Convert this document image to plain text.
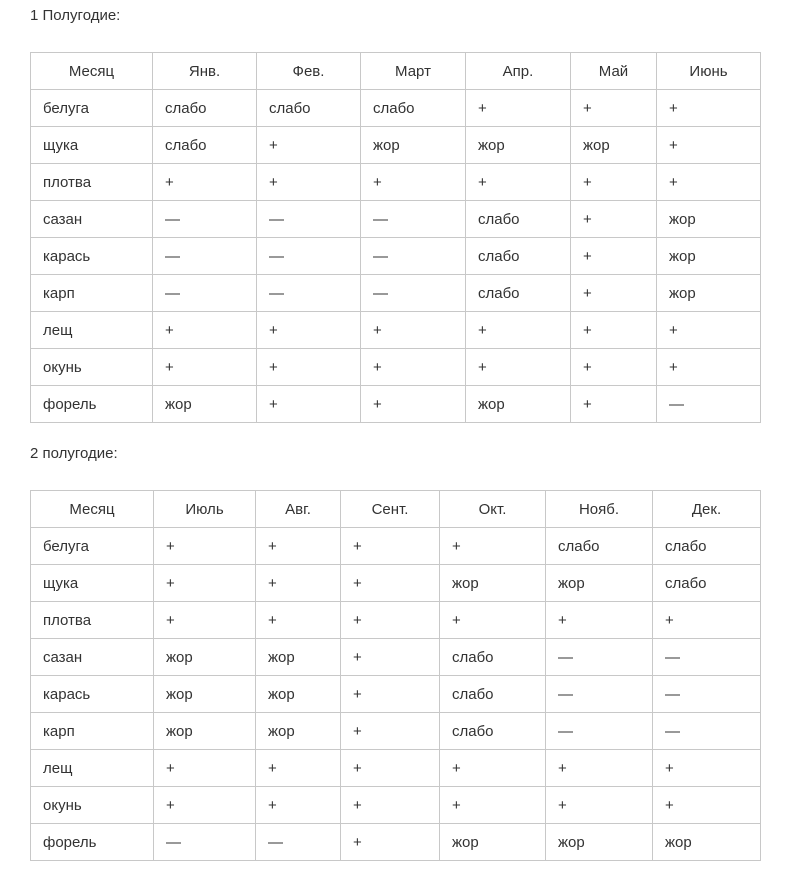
1 Полугодие:
Месяц	Янв.	Фев.	Март	Апр.	Май	Июнь
белуга	слабо	слабо	слабо	+	+	+
щука	слабо	+	жор	жор	жор	+
плотва	+	+	+	+	+	+
сазан	—	—	—	слабо	+	жор
карась	—	—	—	слабо	+	жор
карп	—	—	—	слабо	+	жор
лещ	+	+	+	+	+	+
окунь	+	+	+	+	+	+
форель	жор	+	+	жор	+	—
2 полугодие:
Месяц	Июль	Авг.	Сент.	Окт.	Нояб.	Дек.
белуга	+	+	+	+	слабо	слабо
щука	+	+	+	жор	жор	слабо
плотва	+	+	+	+	+	+
сазан	жор	жор	+	слабо	—	—
карась	жор	жор	+	слабо	—	—
карп	жор	жор	+	слабо	—	—
лещ	+	+	+	+	+	+
окунь	+	+	+	+	+	+
форель	—	—	+	жор	жор	жор
